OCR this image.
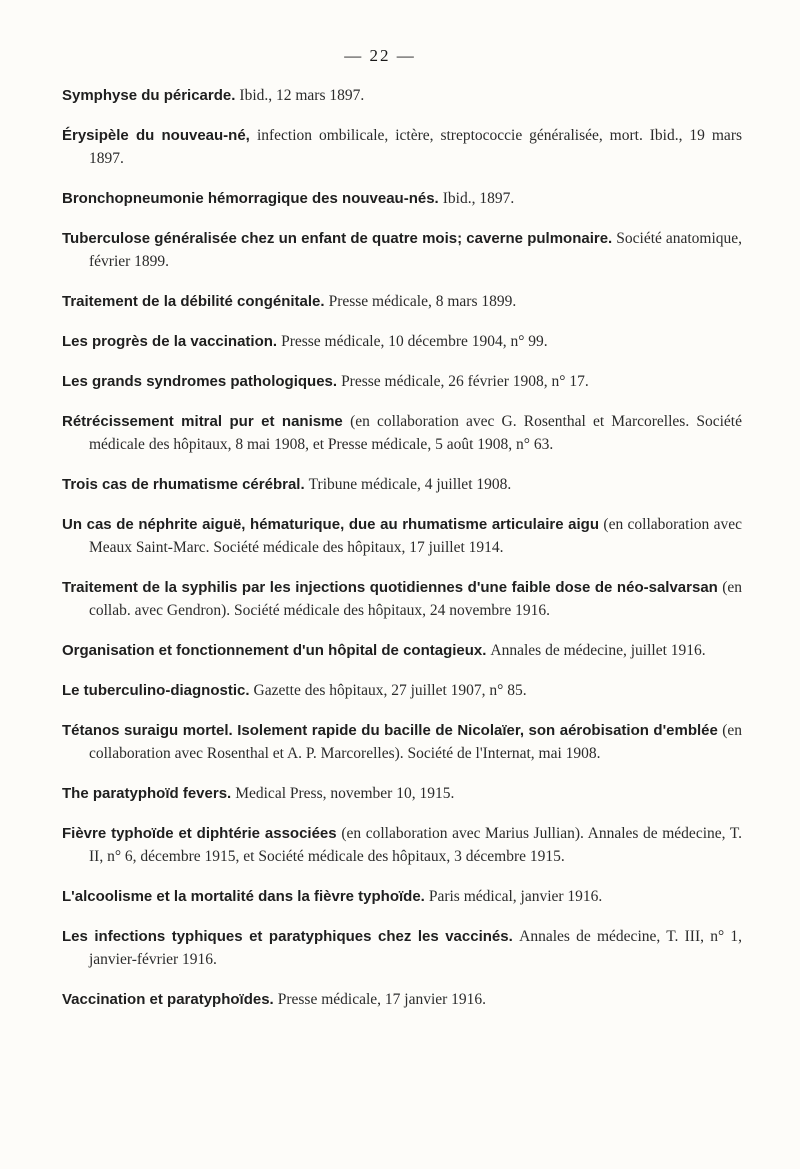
— 22 —

Symphyse du péricarde. Ibid., 12 mars 1897.

Érysipèle du nouveau-né, infection ombilicale, ictère, streptococcie généralisée, mort. Ibid., 19 mars 1897.

Bronchopneumonie hémorragique des nouveau-nés. Ibid., 1897.

Tuberculose généralisée chez un enfant de quatre mois; caverne pulmonaire. Société anatomique, février 1899.

Traitement de la débilité congénitale. Presse médicale, 8 mars 1899.

Les progrès de la vaccination. Presse médicale, 10 décembre 1904, n° 99.

Les grands syndromes pathologiques. Presse médicale, 26 février 1908, n° 17.

Rétrécissement mitral pur et nanisme (en collaboration avec G. Rosenthal et Marcorelles. Société médicale des hôpitaux, 8 mai 1908, et Presse médicale, 5 août 1908, n° 63.

Trois cas de rhumatisme cérébral. Tribune médicale, 4 juillet 1908.

Un cas de néphrite aiguë, hématurique, due au rhumatisme articulaire aigu (en collaboration avec Meaux Saint-Marc. Société médicale des hôpitaux, 17 juillet 1914.

Traitement de la syphilis par les injections quotidiennes d'une faible dose de néo-salvarsan (en collab. avec Gendron). Société médicale des hôpitaux, 24 novembre 1916.

Organisation et fonctionnement d'un hôpital de contagieux. Annales de médecine, juillet 1916.

Le tuberculino-diagnostic. Gazette des hôpitaux, 27 juillet 1907, n° 85.

Tétanos suraigu mortel. Isolement rapide du bacille de Nicolaïer, son aérobisation d'emblée (en collaboration avec Rosenthal et A. P. Marcorelles). Société de l'Internat, mai 1908.

The paratyphoïd fevers. Medical Press, november 10, 1915.

Fièvre typhoïde et diphtérie associées (en collaboration avec Marius Jullian). Annales de médecine, T. II, n° 6, décembre 1915, et Société médicale des hôpitaux, 3 décembre 1915.

L'alcoolisme et la mortalité dans la fièvre typhoïde. Paris médical, janvier 1916.

Les infections typhiques et paratyphiques chez les vaccinés. Annales de médecine, T. III, n° 1, janvier-février 1916.

Vaccination et paratyphoïdes. Presse médicale, 17 janvier 1916.
